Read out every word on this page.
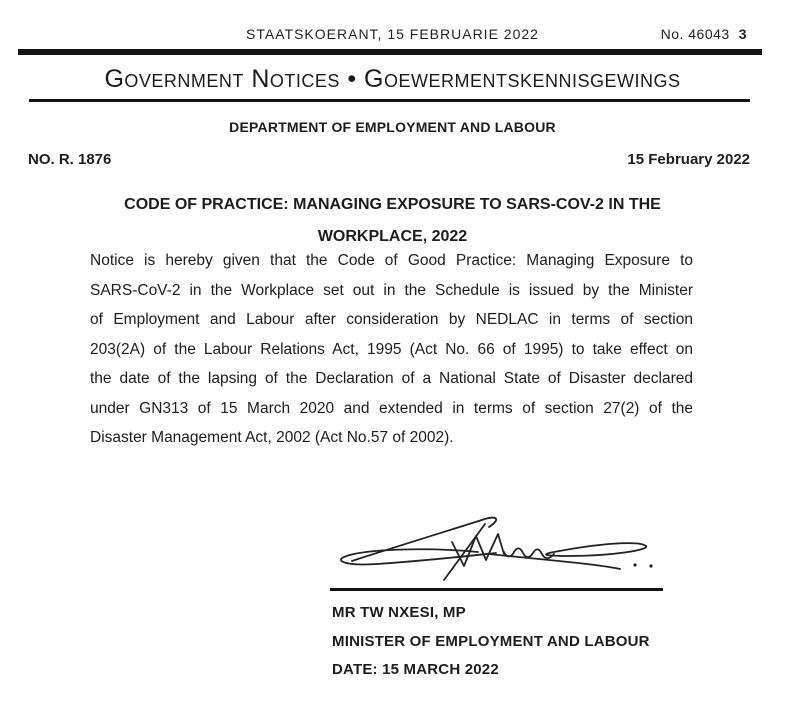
STAATSKOERANT, 15 FEBRUARIE 2022	No. 46043 3
Government Notices • Goewermentskennisgewings
DEPARTMENT OF EMPLOYMENT AND LABOUR
NO. R. 1876	15 February 2022
CODE OF PRACTICE: MANAGING EXPOSURE TO SARS-COV-2 IN THE
WORKPLACE, 2022
Notice is hereby given that the Code of Good Practice: Managing Exposure to
SARS-CoV-2 in the Workplace set out in the Schedule is issued by the Minister
of Employment and Labour after consideration by NEDLAC in terms of section
203(2A) of the Labour Relations Act, 1995 (Act No. 66 of 1995) to take effect on
the date of the lapsing of the Declaration of a National State of Disaster declared
under GN313 of 15 March 2020 and extended in terms of section 27(2) of the
Disaster Management Act, 2002 (Act No.57 of 2002).
MR TW NXESI, MP
MINISTER OF EMPLOYMENT AND LABOUR
DATE: 15 MARCH 2022
